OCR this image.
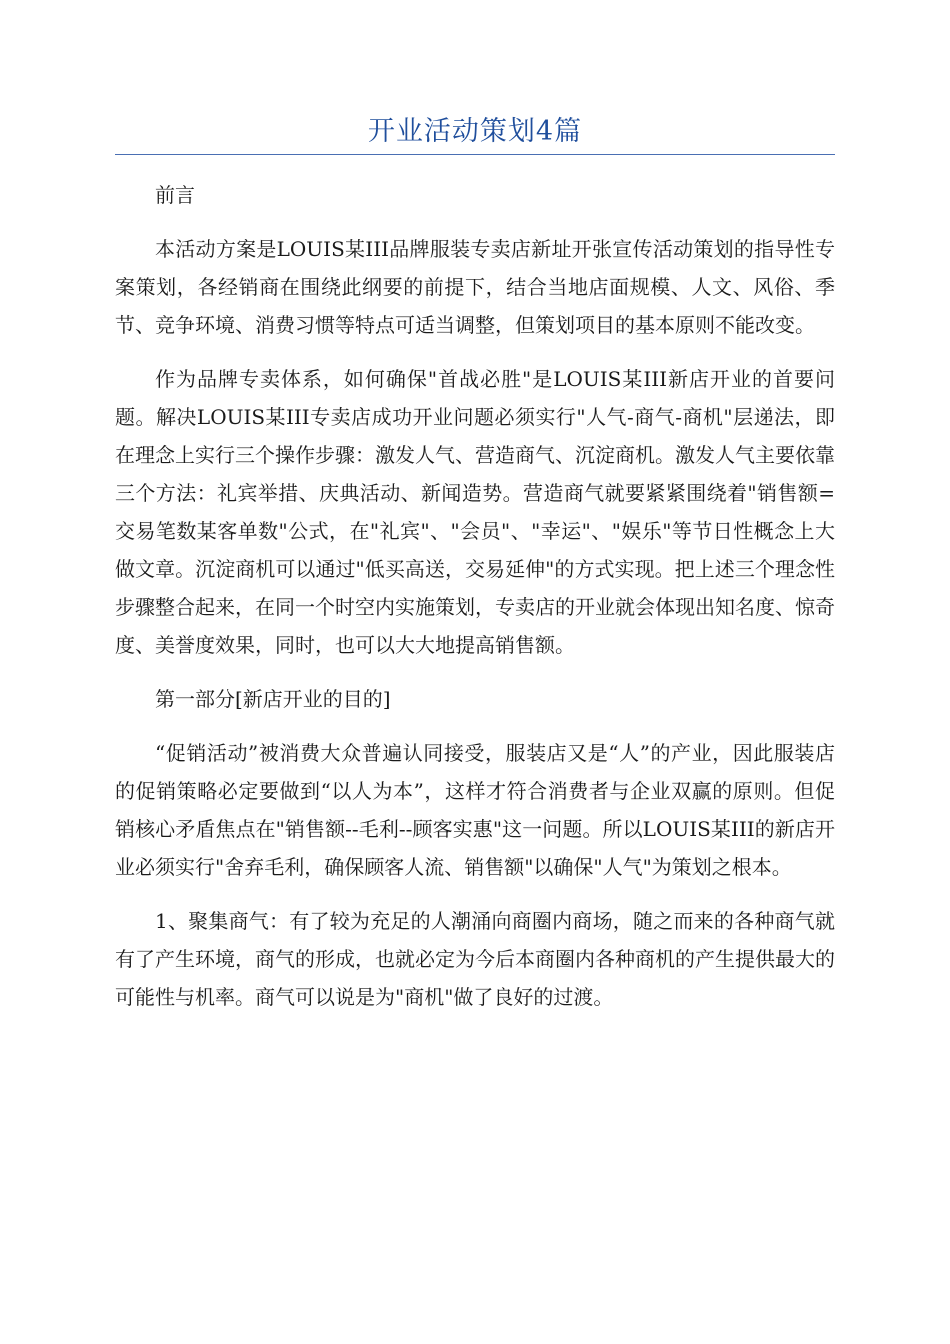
开业活动策划4篇

前言

本活动方案是LOUIS某III品牌服装专卖店新址开张宣传活动策划的指导性专案策划，各经销商在围绕此纲要的前提下，结合当地店面规模、人文、风俗、季节、竞争环境、消费习惯等特点可适当调整，但策划项目的基本原则不能改变。

作为品牌专卖体系，如何确保"首战必胜"是LOUIS某III新店开业的首要问题。解决LOUIS某III专卖店成功开业问题必须实行"人气-商气-商机"层递法，即在理念上实行三个操作步骤：激发人气、营造商气、沉淀商机。激发人气主要依靠三个方法：礼宾举措、庆典活动、新闻造势。营造商气就要紧紧围绕着"销售额=交易笔数某客单数"公式，在"礼宾"、"会员"、"幸运"、"娱乐"等节日性概念上大做文章。沉淀商机可以通过"低买高送，交易延伸"的方式实现。把上述三个理念性步骤整合起来，在同一个时空内实施策划，专卖店的开业就会体现出知名度、惊奇度、美誉度效果，同时，也可以大大地提高销售额。

第一部分[新店开业的目的]

“促销活动”被消费大众普遍认同接受，服装店又是“人”的产业，因此服装店的促销策略必定要做到“以人为本”，这样才符合消费者与企业双赢的原则。但促销核心矛盾焦点在"销售额--毛利--顾客实惠"这一问题。所以LOUIS某III的新店开业必须实行"舍弃毛利，确保顾客人流、销售额"以确保"人气"为策划之根本。

1、聚集商气：有了较为充足的人潮涌向商圈内商场，随之而来的各种商气就有了产生环境，商气的形成，也就必定为今后本商圈内各种商机的产生提供最大的可能性与机率。商气可以说是为"商机"做了良好的过渡。
